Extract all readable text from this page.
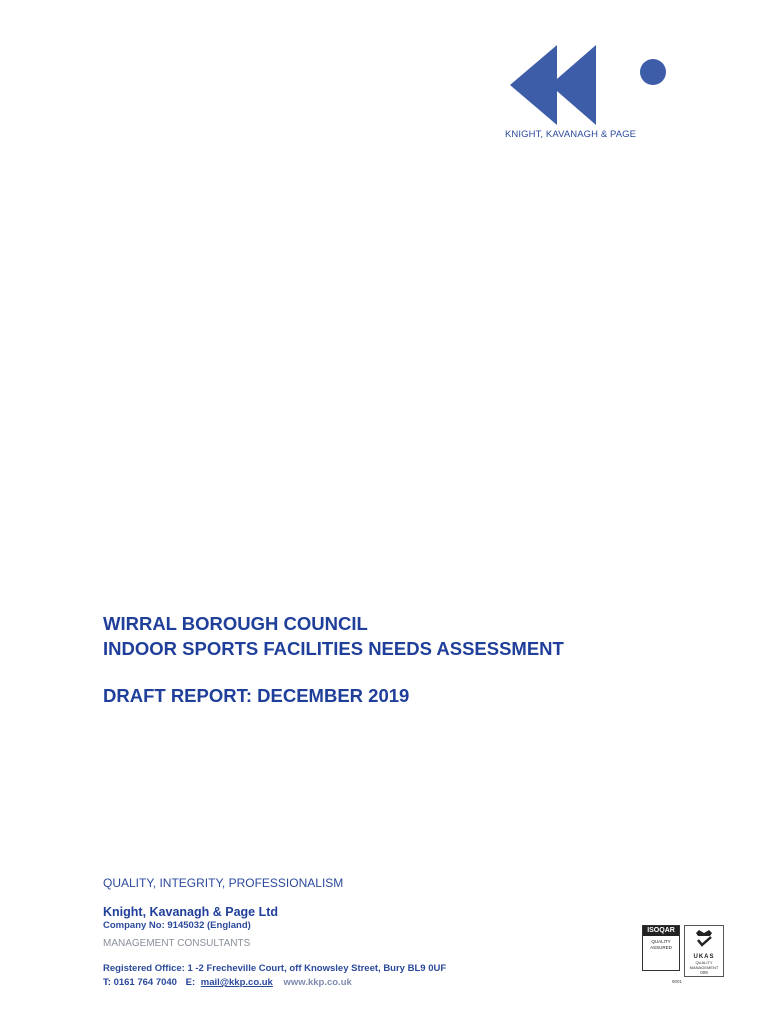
KNIGHT, KAVANAGH & PAGE
WIRRAL BOROUGH COUNCIL
INDOOR SPORTS FACILITIES NEEDS ASSESSMENT
DRAFT REPORT: DECEMBER 2019
QUALITY, INTEGRITY, PROFESSIONALISM
Knight, Kavanagh & Page Ltd
Company No: 9145032 (England)
MANAGEMENT CONSULTANTS
Registered Office: 1 -2 Frecheville Court, off Knowsley Street, Bury BL9 0UF
T: 0161 764 7040 E: mail@kkp.co.uk www.kkp.co.uk
ISOQAR
QUALITY
ASSURED
UKAS
QUALITY
MANAGEMENT
009
9001
